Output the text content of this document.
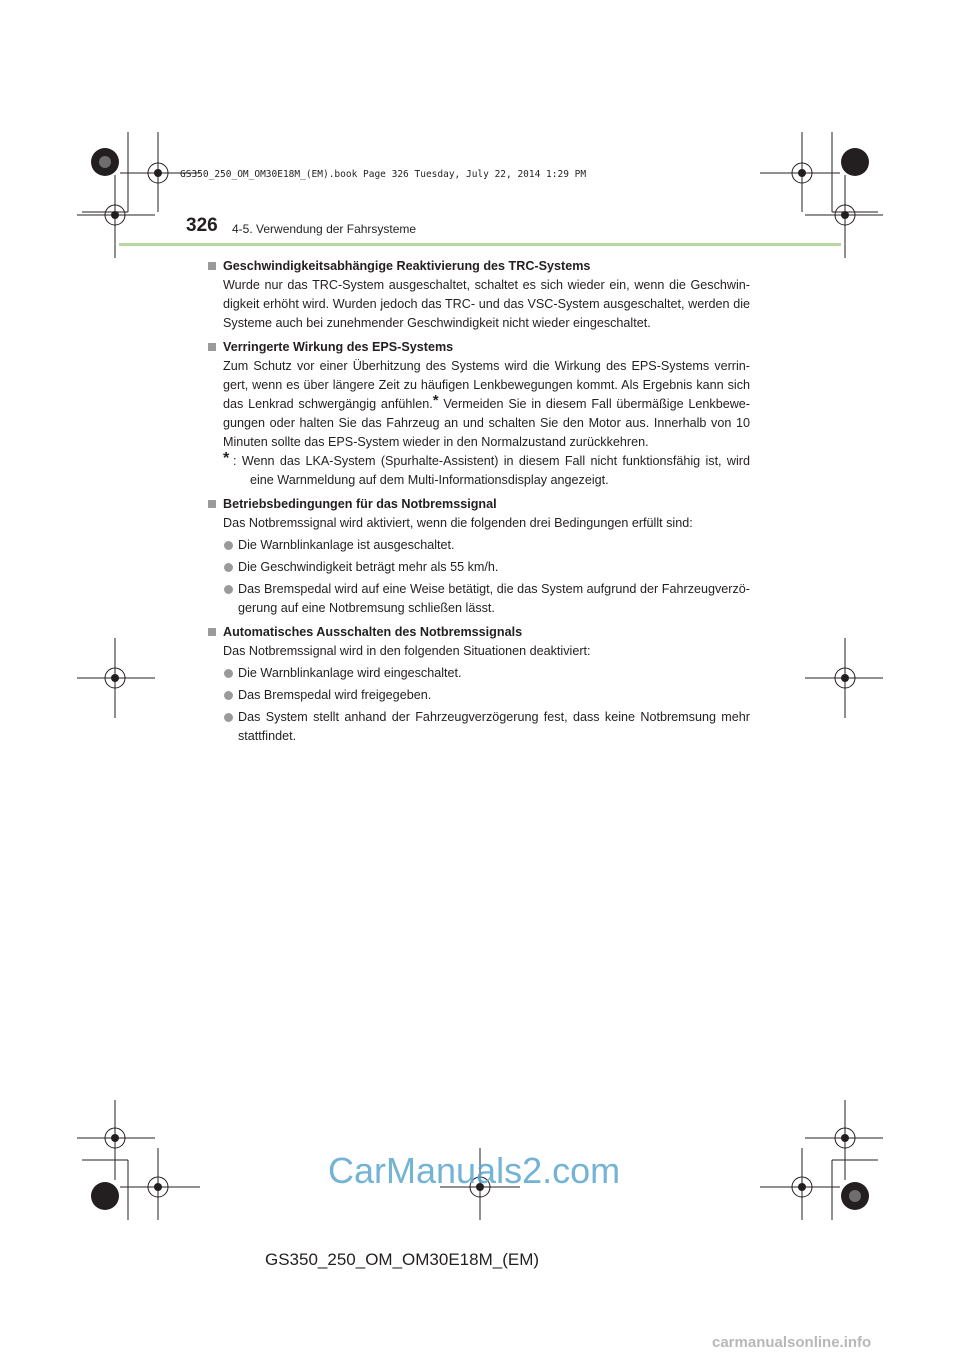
GS350_250_OM_OM30E18M_(EM).book Page 326 Tuesday, July 22, 2014 1:29 PM
326 4-5. Verwendung der Fahrsysteme
Geschwindigkeitsabhängige Reaktivierung des TRC-Systems
Wurde nur das TRC-System ausgeschaltet, schaltet es sich wieder ein, wenn die Geschwin- digkeit erhöht wird. Wurden jedoch das TRC- und das VSC-System ausgeschaltet, werden die Systeme auch bei zunehmender Geschwindigkeit nicht wieder eingeschaltet.
Verringerte Wirkung des EPS-Systems
Zum Schutz vor einer Überhitzung des Systems wird die Wirkung des EPS-Systems verrin- gert, wenn es über längere Zeit zu häufigen Lenkbewegungen kommt. Als Ergebnis kann sich das Lenkrad schwergängig anfühlen.* Vermeiden Sie in diesem Fall übermäßige Lenkbewe- gungen oder halten Sie das Fahrzeug an und schalten Sie den Motor aus. Innerhalb von 10 Minuten sollte das EPS-System wieder in den Normalzustand zurückkehren.
* : Wenn das LKA-System (Spurhalte-Assistent) in diesem Fall nicht funktionsfähig ist, wird eine Warnmeldung auf dem Multi-Informationsdisplay angezeigt.
Betriebsbedingungen für das Notbremssignal
Das Notbremssignal wird aktiviert, wenn die folgenden drei Bedingungen erfüllt sind:
Die Warnblinkanlage ist ausgeschaltet.
Die Geschwindigkeit beträgt mehr als 55 km/h.
Das Bremspedal wird auf eine Weise betätigt, die das System aufgrund der Fahrzeugverzö- gerung auf eine Notbremsung schließen lässt.
Automatisches Ausschalten des Notbremssignals
Das Notbremssignal wird in den folgenden Situationen deaktiviert:
Die Warnblinkanlage wird eingeschaltet.
Das Bremspedal wird freigegeben.
Das System stellt anhand der Fahrzeugverzögerung fest, dass keine Notbremsung mehr stattfindet.
CarManuals2.com
GS350_250_OM_OM30E18M_(EM)
carmanualsonline.info
